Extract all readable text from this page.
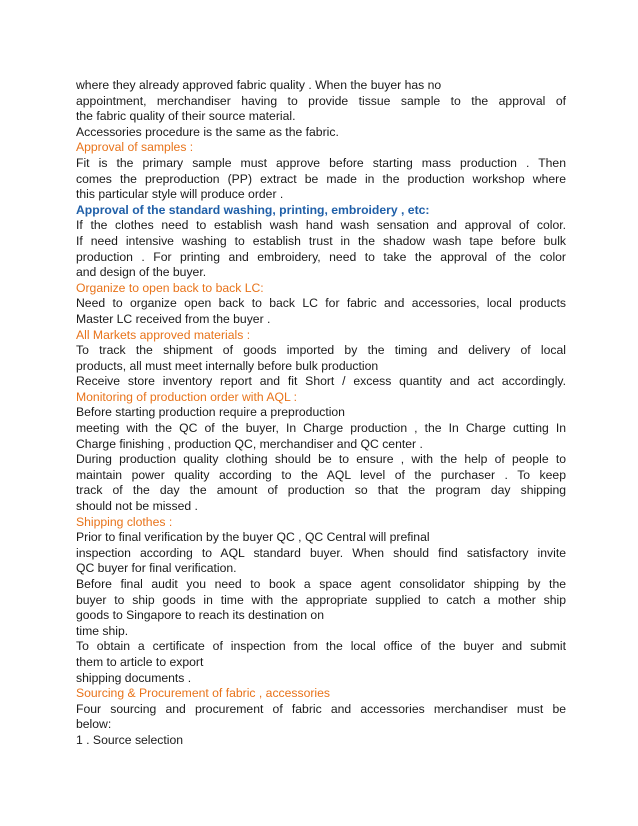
where they already approved fabric quality . When the buyer has no
appointment, merchandiser having to provide tissue sample to the approval of
the fabric quality of their source material.
Accessories procedure is the same as the fabric.
Approval of samples :
Fit is the primary sample must approve before starting mass production . Then
comes the preproduction (PP) extract be made in the production workshop where
this particular style will produce order .
Approval of the standard washing, printing, embroidery , etc:
If the clothes need to establish wash hand wash sensation and approval of color.
If need intensive washing to establish trust in the shadow wash tape before bulk
production . For printing and embroidery, need to take the approval of the color
and design of the buyer.
Organize to open back to back LC:
Need to organize open back to back LC for fabric and accessories, local products
Master LC received from the buyer .
All Markets approved materials :
To track the shipment of goods imported by the timing and delivery of local
products, all must meet internally before bulk production
Receive store inventory report and fit Short / excess quantity and act accordingly.
Monitoring of production order with AQL :
Before starting production require a preproduction
meeting with the QC of the buyer, In Charge production , the In Charge cutting In
Charge finishing , production QC, merchandiser and QC center .
During production quality clothing should be to ensure , with the help of people to
maintain power quality according to the AQL level of the purchaser . To keep
track of the day the amount of production so that the program day shipping
should not be missed .
Shipping clothes :
Prior to final verification by the buyer QC , QC Central will prefinal
inspection according to AQL standard buyer. When should find satisfactory invite
QC buyer for final verification.
Before final audit you need to book a space agent consolidator shipping by the
buyer to ship goods in time with the appropriate supplied to catch a mother ship
goods to Singapore to reach its destination on
time ship.
To obtain a certificate of inspection from the local office of the buyer and submit
them to article to export
shipping documents .
Sourcing & Procurement of fabric , accessories
Four sourcing and procurement of fabric and accessories merchandiser must be
below:
1 . Source selection
